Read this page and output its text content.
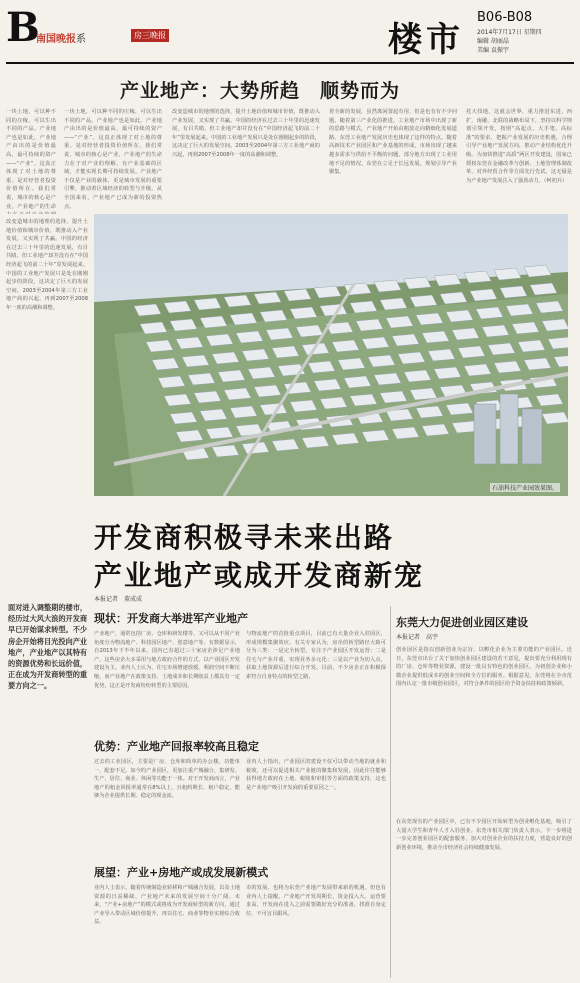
B
南国晚报系	房三晚报	楼市
B06-B08
2014年7月17日 星期四
编辑 胡丽晶
美编 袁振宇
产业地产：大势所趋　顺势而为
一块土地，可以种不同的庄稼，可以生出不同的产品。产业地产也是如此。产业地产由出的是价值最高，最可持续的资产——“产业”。这真正体现了对土地的尊重。是对经营者投资价值所在。我们常说，城市的核心是产业，产业地产的生命力在于对产业的理解，有产业基础的区域，才能实现长期可持续发展。产业地产不仅是产业的载体，更是城市发展的重要引擎，推动着区域经济的转型与升级。从全国来看，产业地产已成为新的投资热点。
改变造城市的地理的选择，提升土地价值和城市价值，既推动入产业发展，又实现了共赢。中国的经济在过去三十年里的迅速发展，有目共睹。但工业地产却并没有在“中国经济起飞的前二十年”里发展起来。中国的工业地产发展只是处在刚刚起步的阶段，这决定了巨大的发展空间。2003至2004年第三方工业地产商的兴起，再到2007至2008年一度的高潮和调整。
着全新的发展，虽然离闲置起有用，但是也有有不少问题。随着第三产业化的推进，工业地产市场中出现了新的思路与模式，产业地产开始由粗放走向精细化发展道路。东莞工业地产发展历史也体现了这样的特点。随着高新技术产业园区和产业基地的形成，市场出现了越来越多需求与供给不平衡的问题，部分地方出现了工业用地不足的情况。东莞在立足于长远发展，规划引导产业聚集。
托大技地，这就会世界，重力推进东进，西扩，南融，北联的战略布局下，坚持以科学规划引领开发，按照“高起点、大手笔、高标准”的要求，把握产业发展的历史机遇，合理引导产业地产发展方向，推动产业结构优化升级。为加快推进“高质”两区开发建设，国家已授权东莞在金融改革与创新、土地管理体制改革、对外经贸合作等方面先行先试，这无疑是为产业地产发展注入了强劲动力。（柯初兵）
一块土地，可以种不同的庄稼，可以生出不同的产品。产业地产也是如此。产业地产由出的是价值最高，最可持续的资产——“产业”。这真正体现了对土地的尊重。是对经营者投资价值所在。我们常说，城市的核心是产业，产业地产的生命
改变造城市的地理的选择，提升土地价值和城市价值，既推动入产业发展，又实现了共赢。中国的经济在过去三十年里的迅速发展，有目共睹。但工业地产却并没有在“中国经济起飞的前二十年”里发展起来。中国的工业地产发展只是处在刚刚起步的阶段，这决定了巨大的发展空间。2003至2004年第三方工业地产商的兴起，再到2007至2008年一度的高潮和调整。
石油科技产业园效果图。
开发商积极寻未来出路
产业地产或成开发商新宠
本报记者　董成成
面对进入调整期的楼市，经历过大风大浪的开发商早已开始谋求转型。不少房企开始将目光投向产业地产，产业地产以其特有的资源优势和长远价值，正在成为开发商转型的重要方向之一。
现状：开发商大举进军产业地产
产业地产，通常包括厂房、仓库和研发楼等，又可以从不同产业角度分为物流地产、科技园区地产、创意地产等。有数据显示，自2013年下半年以来，国内已有超过三十家房企涉足产业地产。这些房企大多采用与地方政府合作的方式，以产业园区开发建设为主。业内人士认为，住宅市场增速放缓，利润空间不断压缩，而产业地产在政策支持、土地成本和长期收益上都具有一定优势，这正是开发商纷纷转型的主要原因。
与物流地产的首批重点项目，目前已有大量企业入驻园区，形成规模集聚效应。有关专家认为，房企的转型路径大致可分为三类：一是完全转型，专注于产业园区开发运营；二是住宅与产业并重，实现业务多元化；三是以产业为切入点，获取土地资源后进行综合开发。目前，不少房企正在积极探索符合自身特点的转型之路。
优势：产业地产回报率较高且稳定
过去的工业园区，主要是厂房、仓库和简单的办公楼，功能单一，配套不足。如今的产业园区，更加注重产城融合，集研发、生产、居住、商业、休闲等功能于一体。对于开发商而言，产业地产的租金回报率通常在8%以上，且租约期长、租户稳定，能够为企业提供长期、稳定的现金流。
业内人士指出，产业园区的建设不仅可以带动当地的就业和税收，还可以促进相关产业链的聚集和发展，因此往往能够获得地方政府在土地、税收和审批等方面的政策支持，这也是产业地产吸引开发商的重要原因之一。
展望：产业+房地产或成发展新模式
业内人士表示，随着传统制造业转移和产城融合发展，以及土地资源的日益稀缺，产业地产未来的发展空间十分广阔。未来，“产业+房地产”的模式或将成为开发商转型的新方向，通过产业导入带动区域价值提升，再以住宅、商业等物业实现综合收益。
市的发展，也将为东莞产业地产发展带来新的机遇。但也有业内人士提醒，产业地产开发周期长、资金投入大、运营要求高，开发商在进入之前需要做好充分的准备，找准自身定位，不可盲目跟风。
东莞大力促进创业园区建设
本报记者　高宇
创业园区是指以创新创业为宗旨、以孵化企业为主要功能的产业园区。近日，东莞市出台了关于加快创业园区建设的若干意见，提出要充分利用现有的厂房、仓库等物业资源，建设一批具有特色的创业园区，为初创企业和小微企业提供低成本的创业空间和全方位的服务。根据意见，东莞将在全市范围内认定一批市级创业园区，对符合条件的园区给予资金扶持和政策倾斜。
在东莞现有的产业园区中，已有不少园区开始转型为创业孵化基地，吸引了大量大学生和青年人才入驻创业。东莞市相关部门负责人表示，下一步将进一步完善创业园区的配套服务，加大对创业企业的扶持力度，营造良好的创新创业环境，推动全市经济社会持续健康发展。
